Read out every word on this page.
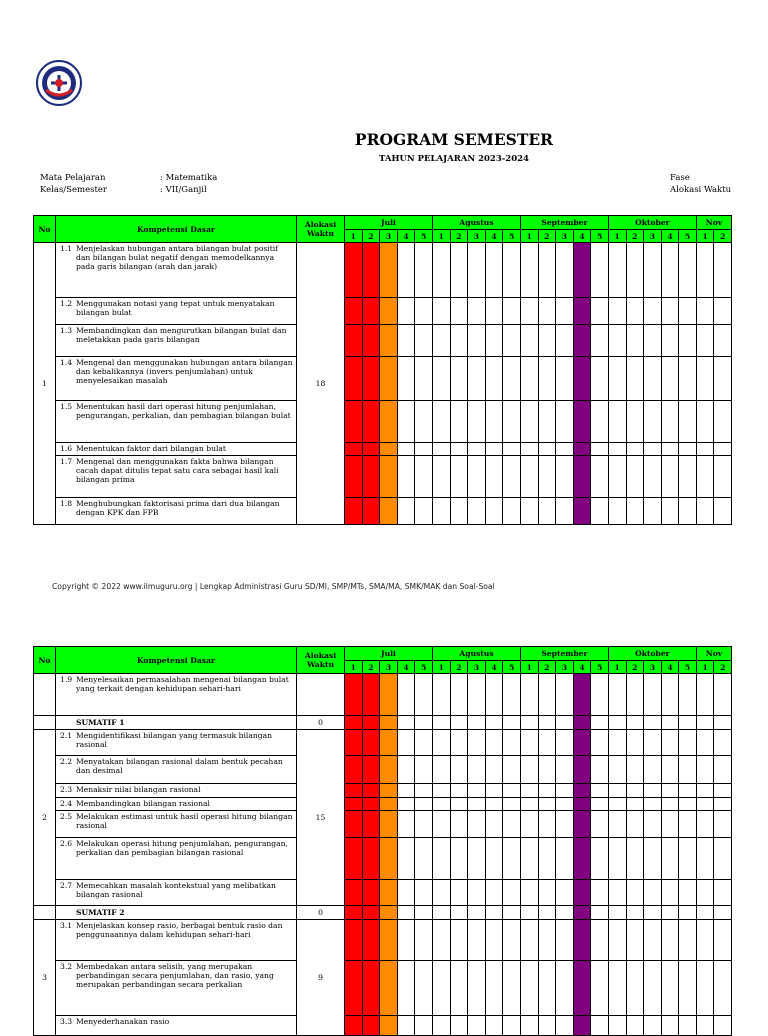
PROGRAM SEMESTER
TAHUN PELAJARAN 2023-2024
Mata Pelajaran
Kelas/Semester
: Matematika
: VII/Ganjil
Fase
Alokasi Waktu
No	Kompetensi Dasar	Alokasi Waktu	Juli					Agustus					September					Oktober					Nov	
			1	2	3	4	5	1	2	3	4	5	1	2	3	4	5	1	2	3	4	5	1	2
1	1.1 Menjelaskan hubungan antara bilangan bulat positif dan bilangan bulat negatif dengan memodelkannya pada garis bilangan (arah dan jarak)	18																						
	1.2 Menggunakan notasi yang tepat untuk menyatakan bilangan bulat																							
	1.3 Membandingkan dan mengurutkan bilangan bulat dan meletakkan pada garis bilangan																							
	1.4 Mengenal dan menggunakan hubungan antara bilangan dan kebalikannya (invers penjumlahan) untuk menyelesaikan masalah																							
	1.5 Menentukan hasil dari operasi hitung penjumlahan, pengurangan, perkalian, dan pembagian bilangan bulat																							
	1.6 Menentukan faktor dari bilangan bulat																							
	1.7 Mengenal dan menggunakan fakta bahwa bilangan cacah dapat ditulis tepat satu cara sebagai hasil kali bilangan prima																							
	1.8 Menghubungkan faktorisasi prima dari dua bilangan dengan KPK dan FPB																							
Copyright © 2022 www.ilmuguru.org | Lengkap Administrasi Guru SD/MI, SMP/MTs, SMA/MA, SMK/MAK dan Soal-Soal
No	Kompetensi Dasar	Alokasi Waktu	Juli					Agustus					September					Oktober					Nov	
			1	2	3	4	5	1	2	3	4	5	1	2	3	4	5	1	2	3	4	5	1	2
	1.9 Menyelesaikan permasalahan mengenai bilangan bulat yang terkait dengan kehidupan sehari-hari																							
	SUMATIF 1	0																						
2	2.1 Mengidentifikasi bilangan yang termasuk bilangan rasional	15																						
	2.2 Menyatakan bilangan rasional dalam bentuk pecahan dan desimal																							
	2.3 Menaksir nilai bilangan rasional																							
	2.4 Membandingkan bilangan rasional																							
	2.5 Melakukan estimasi untuk hasil operasi hitung bilangan rasional																							
	2.6 Melakukan operasi hitung penjumlahan, pengurangan, perkalian dan pembagian bilangan rasional																							
	2.7 Memecahkan masalah kontekstual yang melibatkan bilangan rasional																							
	SUMATIF 2	0																						
3	3.1 Menjelaskan konsep rasio, berbagai bentuk rasio dan penggunaannya dalam kehidupan sehari-hari	9																						
	3.2 Membedakan antara selisih, yang merupakan perbandingan secara penjumlahan, dan rasio, yang merupakan perbandingan secara perkalian																							
	3.3 Menyederhanakan rasio																							
